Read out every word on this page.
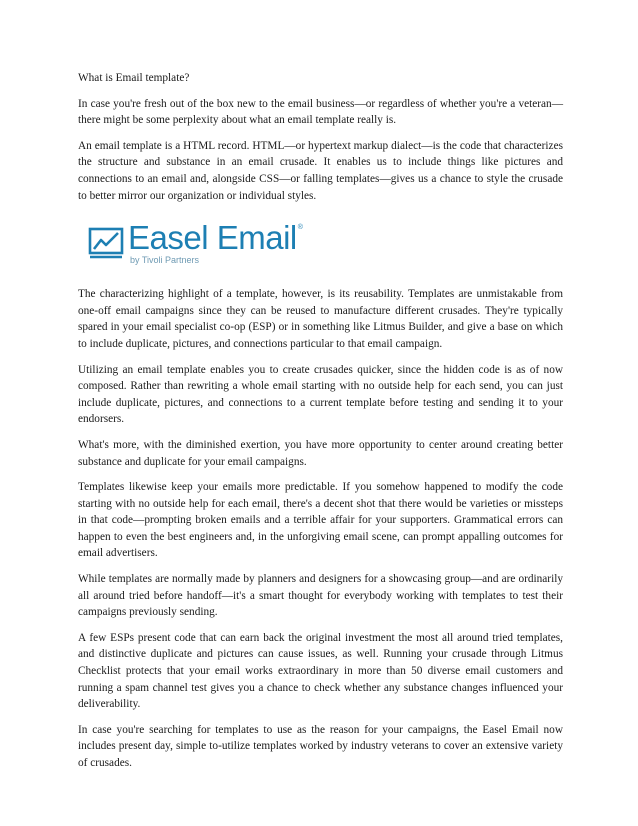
What is Email template?

In case you're fresh out of the box new to the email business—or regardless of whether you're a veteran—there might be some perplexity about what an email template really is.

An email template is a HTML record. HTML—or hypertext markup dialect—is the code that characterizes the structure and substance in an email crusade. It enables us to include things like pictures and connections to an email and, alongside CSS—or falling templates—gives us a chance to style the crusade to better mirror our organization or individual styles.

Easel Email ®
by Tivoli Partners

The characterizing highlight of a template, however, is its reusability. Templates are unmistakable from one-off email campaigns since they can be reused to manufacture different crusades. They're typically spared in your email specialist co-op (ESP) or in something like Litmus Builder, and give a base on which to include duplicate, pictures, and connections particular to that email campaign.

Utilizing an email template enables you to create crusades quicker, since the hidden code is as of now composed. Rather than rewriting a whole email starting with no outside help for each send, you can just include duplicate, pictures, and connections to a current template before testing and sending it to your endorsers.

What's more, with the diminished exertion, you have more opportunity to center around creating better substance and duplicate for your email campaigns.

Templates likewise keep your emails more predictable. If you somehow happened to modify the code starting with no outside help for each email, there's a decent shot that there would be varieties or missteps in that code—prompting broken emails and a terrible affair for your supporters. Grammatical errors can happen to even the best engineers and, in the unforgiving email scene, can prompt appalling outcomes for email advertisers.

While templates are normally made by planners and designers for a showcasing group—and are ordinarily all around tried before handoff—it's a smart thought for everybody working with templates to test their campaigns previously sending.

A few ESPs present code that can earn back the original investment the most all around tried templates, and distinctive duplicate and pictures can cause issues, as well. Running your crusade through Litmus Checklist protects that your email works extraordinary in more than 50 diverse email customers and running a spam channel test gives you a chance to check whether any substance changes influenced your deliverability.

In case you're searching for templates to use as the reason for your campaigns, the Easel Email now includes present day, simple to-utilize templates worked by industry veterans to cover an extensive variety of crusades.
